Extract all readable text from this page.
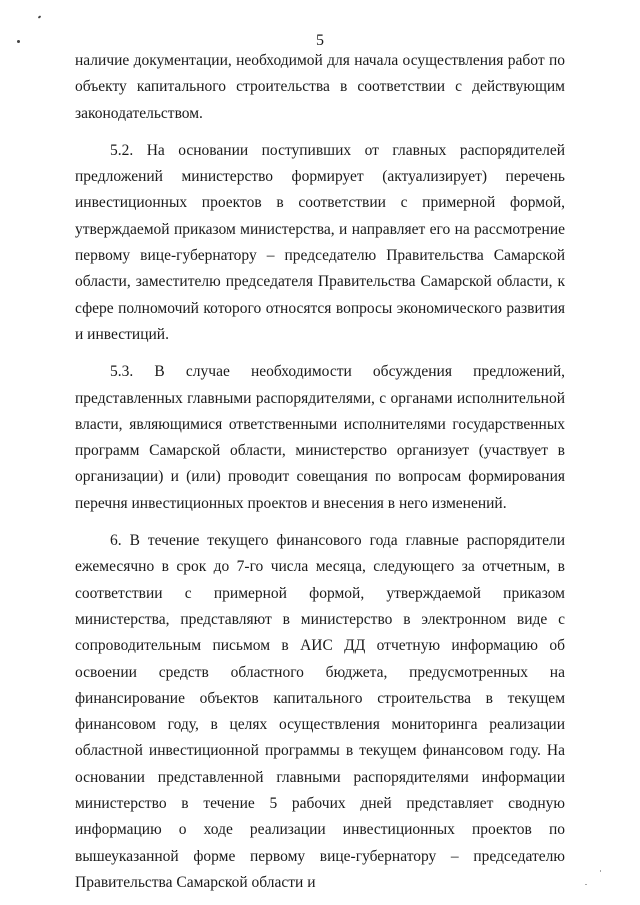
5

наличие документации, необходимой для начала осуществления работ по объекту капитального строительства в соответствии с действующим законодательством.

5.2. На основании поступивших от главных распорядителей предложений министерство формирует (актуализирует) перечень инвестиционных проектов в соответствии с примерной формой, утверждаемой приказом министерства, и направляет его на рассмотрение первому вице-губернатору – председателю Правительства Самарской области, заместителю председателя Правительства Самарской области, к сфере полномочий которого относятся вопросы экономического развития и инвестиций.

5.3. В случае необходимости обсуждения предложений, представленных главными распорядителями, с органами исполнительной власти, являющимися ответственными исполнителями государственных программ Самарской области, министерство организует (участвует в организации) и (или) проводит совещания по вопросам формирования перечня инвестиционных проектов и внесения в него изменений.

6. В течение текущего финансового года главные распорядители ежемесячно в срок до 7-го числа месяца, следующего за отчетным, в соответствии с примерной формой, утверждаемой приказом министерства, представляют в министерство в электронном виде с сопроводительным письмом в АИС ДД отчетную информацию об освоении средств областного бюджета, предусмотренных на финансирование объектов капитального строительства в текущем финансовом году, в целях осуществления мониторинга реализации областной инвестиционной программы в текущем финансовом году. На основании представленной главными распорядителями информации министерство в течение 5 рабочих дней представляет сводную информацию о ходе реализации инвестиционных проектов по вышеуказанной форме первому вице-губернатору – председателю Правительства Самарской области и
